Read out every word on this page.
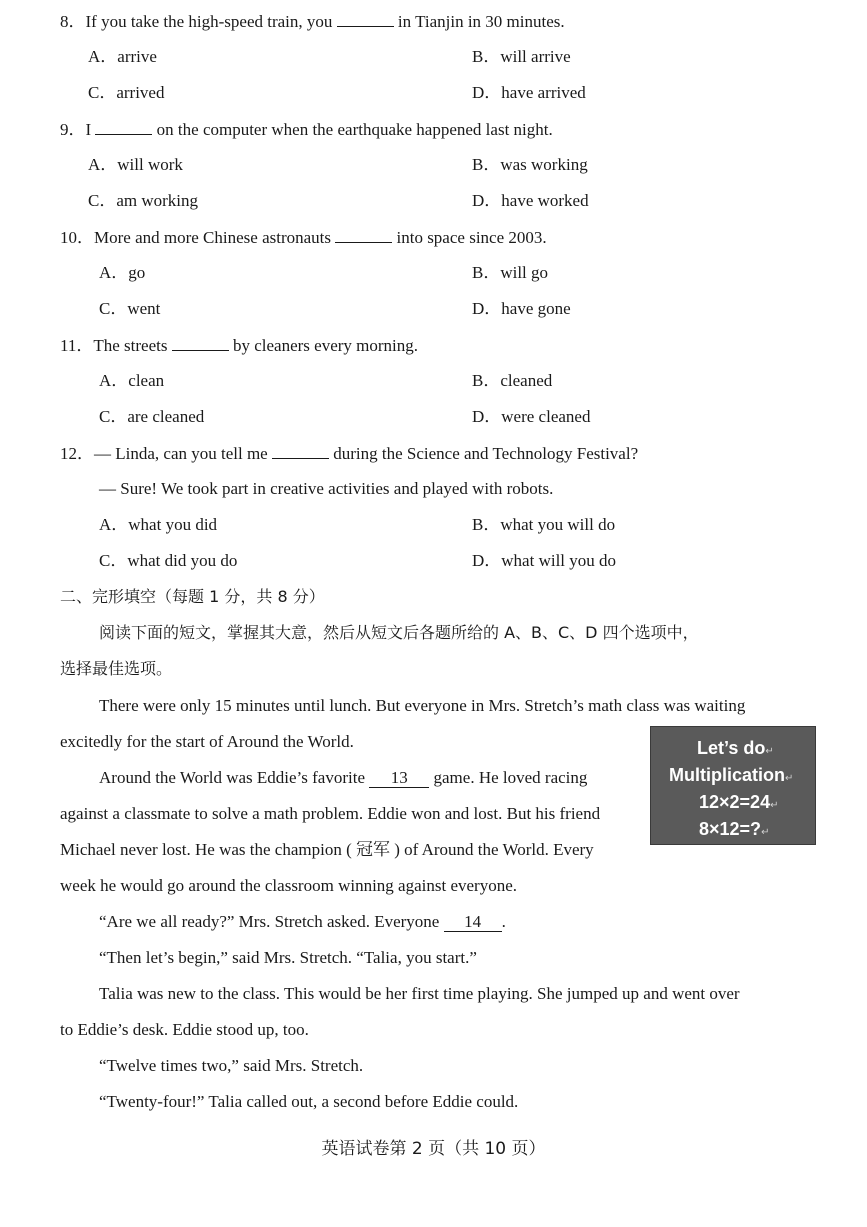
8．If you take the high-speed train, you	in Tianjin in 30 minutes.
A．arrive	B．will arrive
C．arrived	D．have arrived
9．I	on the computer when the earthquake happened last night.
A．will work	B．was working
C．am working	D．have worked
10．More and more Chinese astronauts	into space since 2003.
A．go	B．will go
C．went	D．have gone
11．The streets	by cleaners every morning.
A．clean	B．cleaned
C．are cleaned	D．were cleaned
12．— Linda, can you tell me	during the Science and Technology Festival?
— Sure! We took part in creative activities and played with robots.
A．what you did	B．what you will do
C．what did you do	D．what will you do
二、完形填空（每题 1 分，共 8 分）
阅读下面的短文，掌握其大意，然后从短文后各题所给的 A、B、C、D 四个选项中，
选择最佳选项。
There were only 15 minutes until lunch. But everyone in Mrs. Stretch’s math class was waiting
excitedly for the start of Around the World.
Around the World was Eddie’s favorite 13 game. He loved racing
against a classmate to solve a math problem. Eddie won and lost. But his friend
Michael never lost. He was the champion ( 冠军 ) of Around the World. Every
week he would go around the classroom winning against everyone.
“Are we all ready?” Mrs. Stretch asked. Everyone 14 .
“Then let’s begin,” said Mrs. Stretch. “Talia, you start.”
Talia was new to the class. This would be her first time playing. She jumped up and went over
to Eddie’s desk. Eddie stood up, too.
“Twelve times two,” said Mrs. Stretch.
“Twenty-four!” Talia called out, a second before Eddie could.
Let’s do↵
Multiplication↵
12×2=24↵
8×12=?↵
英语试卷第 2 页（共 10 页）
